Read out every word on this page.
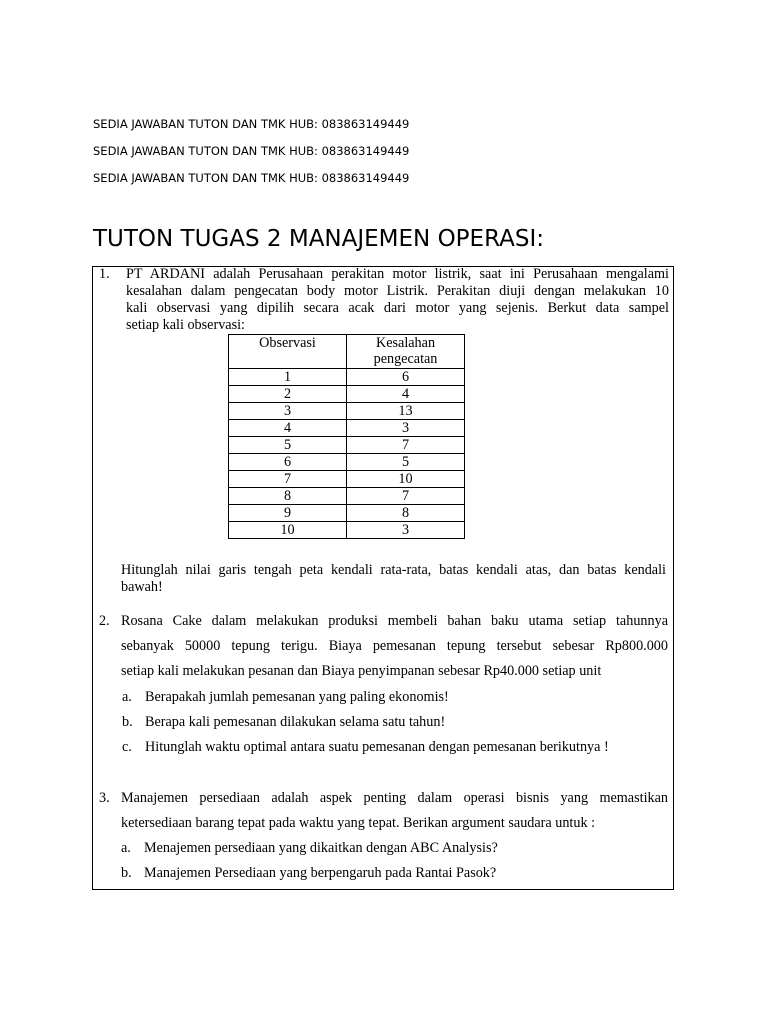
SEDIA JAWABAN TUTON DAN TMK HUB: 083863149449
SEDIA JAWABAN TUTON DAN TMK HUB: 083863149449
SEDIA JAWABAN TUTON DAN TMK HUB: 083863149449
TUTON TUGAS 2 MANAJEMEN OPERASI:
1. PT ARDANI adalah Perusahaan perakitan motor listrik, saat ini Perusahaan mengalami
kesalahan dalam pengecatan body motor Listrik. Perakitan diuji dengan melakukan 10
kali observasi yang dipilih secara acak dari motor yang sejenis. Berkut data sampel
setiap kali observasi:
Observasi	Kesalahan pengecatan
1	6
2	4
3	13
4	3
5	7
6	5
7	10
8	7
9	8
10	3
Hitunglah nilai garis tengah peta kendali rata-rata, batas kendali atas, dan batas kendali
bawah!
2. Rosana Cake dalam melakukan produksi membeli bahan baku utama setiap tahunnya
sebanyak 50000 tepung terigu. Biaya pemesanan tepung tersebut sebesar Rp800.000
setiap kali melakukan pesanan dan Biaya penyimpanan sebesar Rp40.000 setiap unit
a. Berapakah jumlah pemesanan yang paling ekonomis!
b. Berapa kali pemesanan dilakukan selama satu tahun!
c. Hitunglah waktu optimal antara suatu pemesanan dengan pemesanan berikutnya !
3. Manajemen persediaan adalah aspek penting dalam operasi bisnis yang memastikan
ketersediaan barang tepat pada waktu yang tepat. Berikan argument saudara untuk :
a. Menajemen persediaan yang dikaitkan dengan ABC Analysis?
b. Manajemen Persediaan yang berpengaruh pada Rantai Pasok?
